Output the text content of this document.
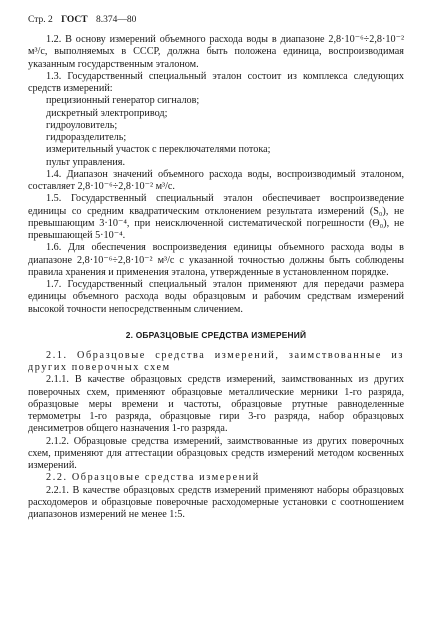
Стр. 2 ГОСТ 8.374—80

1.2. В основу измерений объемного расхода воды в диапазоне 2,8·10⁻⁶÷2,8·10⁻² м³/с, выполняемых в СССР, должна быть положена единица, воспроизводимая указанным государственным эталоном.

1.3. Государственный специальный эталон состоит из комплекса следующих средств измерений:

прецизионный генератор сигналов;

дискретный электропривод;

гидроуловитель;

гидроразделитель;

измерительный участок с переключателями потока;

пульт управления.

1.4. Диапазон значений объемного расхода воды, воспроизводимый эталоном, составляет 2,8·10⁻⁶÷2,8·10⁻² м³/с.

1.5. Государственный специальный эталон обеспечивает воспроизведение единицы со средним квадратическим отклонением результата измерений (S₀), не превышающим 3·10⁻⁴, при неисключенной систематической погрешности (Θ₀), не превышающей 5·10⁻⁴.

1.6. Для обеспечения воспроизведения единицы объемного расхода воды в диапазоне 2,8·10⁻⁶÷2,8·10⁻² м³/с с указанной точностью должны быть соблюдены правила хранения и применения эталона, утвержденные в установленном порядке.

1.7. Государственный специальный эталон применяют для передачи размера единицы объемного расхода воды образцовым и рабочим средствам измерений высокой точности непосредственным сличением.

2. ОБРАЗЦОВЫЕ СРЕДСТВА ИЗМЕРЕНИЙ

2.1. Образцовые средства измерений, заимствованные из других поверочных схем

2.1.1. В качестве образцовых средств измерений, заимствованных из других поверочных схем, применяют образцовые металлические мерники 1-го разряда, образцовые меры времени и частоты, образцовые ртутные равноделенные термометры 1-го разряда, образцовые гири 3-го разряда, набор образцовых денсиметров общего назначения 1-го разряда.

2.1.2. Образцовые средства измерений, заимствованные из других поверочных схем, применяют для аттестации образцовых средств измерений методом косвенных измерений.

2.2. Образцовые средства измерений

2.2.1. В качестве образцовых средств измерений применяют наборы образцовых расходомеров и образцовые поверочные расходомерные установки с соотношением диапазонов измерений не менее 1:5.
